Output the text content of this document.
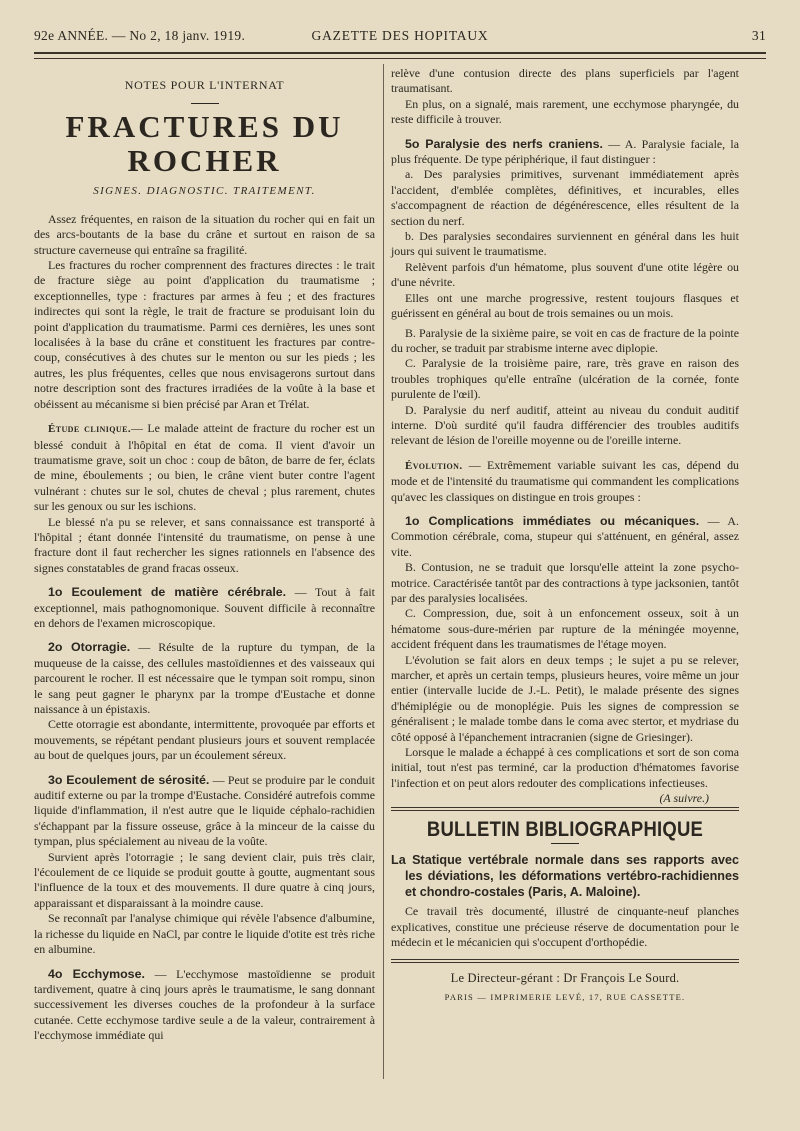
92e ANNÉE. — No 2, 18 janv. 1919.	GAZETTE DES HOPITAUX	31
NOTES POUR L'INTERNAT
FRACTURES DU ROCHER
SIGNES. DIAGNOSTIC. TRAITEMENT.

Assez fréquentes, en raison de la situation du rocher qui en fait un des arcs-boutants de la base du crâne et surtout en raison de sa structure caverneuse qui entraîne sa fragilité.

Les fractures du rocher comprennent des fractures directes : le trait de fracture siège au point d'application du traumatisme ; exceptionnelles, type : fractures par armes à feu ; et des fractures indirectes qui sont la règle, le trait de fracture se produisant loin du point d'application du traumatisme. Parmi ces dernières, les unes sont localisées à la base du crâne et constituent les fractures par contre-coup, consécutives à des chutes sur le menton ou sur les pieds ; les autres, les plus fréquentes, celles que nous envisagerons surtout dans notre description sont des fractures irradiées de la voûte à la base et obéissent au mécanisme si bien précisé par Aran et Trélat.

Étude clinique.— Le malade atteint de fracture du rocher est un blessé conduit à l'hôpital en état de coma. Il vient d'avoir un traumatisme grave, soit un choc : coup de bâton, de barre de fer, éclats de mine, éboulements ; ou bien, le crâne vient buter contre l'agent vulnérant : chutes sur le sol, chutes de cheval ; plus rarement, chutes sur les genoux ou sur les ischions.

Le blessé n'a pu se relever, et sans connaissance est transporté à l'hôpital ; étant donnée l'intensité du traumatisme, on pense à une fracture dont il faut rechercher les signes rationnels en l'absence des signes constatables de grand fracas osseux.

1o Ecoulement de matière cérébrale. — Tout à fait exceptionnel, mais pathognomonique. Souvent difficile à reconnaître en dehors de l'examen microscopique.

2o Otorragie. — Résulte de la rupture du tympan, de la muqueuse de la caisse, des cellules mastoïdiennes et des vaisseaux qui parcourent le rocher. Il est nécessaire que le tympan soit rompu, sinon le sang peut gagner le pharynx par la trompe d'Eustache et donne naissance à un épistaxis.

Cette otorragie est abondante, intermittente, provoquée par efforts et mouvements, se répétant pendant plusieurs jours et souvent remplacée au bout de quelques jours, par un écoulement séreux.

3o Ecoulement de sérosité. — Peut se produire par le conduit auditif externe ou par la trompe d'Eustache. Considéré autrefois comme liquide d'inflammation, il n'est autre que le liquide céphalo-rachidien s'échappant par la fissure osseuse, grâce à la minceur de la caisse du tympan, plus spécialement au niveau de la voûte.

Survient après l'otorragie ; le sang devient clair, puis très clair, l'écoulement de ce liquide se produit goutte à goutte, augmentant sous l'influence de la toux et des mouvements. Il dure quatre à cinq jours, apparaissant et disparaissant à la moindre cause.

Se reconnaît par l'analyse chimique qui révèle l'absence d'albumine, la richesse du liquide en NaCl, par contre le liquide d'otite est très riche en albumine.

4o Ecchymose. — L'ecchymose mastoïdienne se produit tardivement, quatre à cinq jours après le traumatisme, le sang donnant successivement les diverses couches de la profondeur à la surface cutanée. Cette ecchymose tardive seule a de la valeur, contrairement à l'ecchymose immédiate qui

relève d'une contusion directe des plans superficiels par l'agent traumatisant.

En plus, on a signalé, mais rarement, une ecchymose pharyngée, du reste difficile à trouver.

5o Paralysie des nerfs craniens. — A. Paralysie faciale, la plus fréquente. De type périphérique, il faut distinguer :

a. Des paralysies primitives, survenant immédiatement après l'accident, d'emblée complètes, définitives, et incurables, elles s'accompagnent de réaction de dégénérescence, elles résultent de la section du nerf.

b. Des paralysies secondaires surviennent en général dans les huit jours qui suivent le traumatisme.

Relèvent parfois d'un hématome, plus souvent d'une otite légère ou d'une névrite.

Elles ont une marche progressive, restent toujours flasques et guérissent en général au bout de trois semaines ou un mois.

B. Paralysie de la sixième paire, se voit en cas de fracture de la pointe du rocher, se traduit par strabisme interne avec diplopie.

C. Paralysie de la troisième paire, rare, très grave en raison des troubles trophiques qu'elle entraîne (ulcération de la cornée, fonte purulente de l'œil).

D. Paralysie du nerf auditif, atteint au niveau du conduit auditif interne. D'où surdité qu'il faudra différencier des troubles auditifs relevant de lésion de l'oreille moyenne ou de l'oreille interne.

Évolution. — Extrêmement variable suivant les cas, dépend du mode et de l'intensité du traumatisme qui commandent les complications qu'avec les classiques on distingue en trois groupes :

1o Complications immédiates ou mécaniques. — A. Commotion cérébrale, coma, stupeur qui s'atténuent, en général, assez vite.

B. Contusion, ne se traduit que lorsqu'elle atteint la zone psycho-motrice. Caractérisée tantôt par des contractions à type jacksonien, tantôt par des paralysies localisées.

C. Compression, due, soit à un enfoncement osseux, soit à un hématome sous-dure-mérien par rupture de la méningée moyenne, accident fréquent dans les traumatismes de l'étage moyen.

L'évolution se fait alors en deux temps ; le sujet a pu se relever, marcher, et après un certain temps, plusieurs heures, voire même un jour entier (intervalle lucide de J.-L. Petit), le malade présente des signes d'hémiplégie ou de monoplégie. Puis les signes de compression se généralisent ; le malade tombe dans le coma avec stertor, et mydriase du côté opposé à l'épanchement intracranien (signe de Griesinger).

Lorsque le malade a échappé à ces complications et sort de son coma initial, tout n'est pas terminé, car la production d'hématomes favorise l'infection et on peut alors redouter des complications infectieuses.
(A suivre.)

BULLETIN BIBLIOGRAPHIQUE

La Statique vertébrale normale dans ses rapports avec les déviations, les déformations vertébro-rachidiennes et chondro-costales (Paris, A. Maloine).

Ce travail très documenté, illustré de cinquante-neuf planches explicatives, constitue une précieuse réserve de documentation pour le médecin et le mécanicien qui s'occupent d'orthopédie.

Le Directeur-gérant : Dr François Le Sourd.
PARIS — IMPRIMERIE LEVÉ, 17, RUE CASSETTE.
